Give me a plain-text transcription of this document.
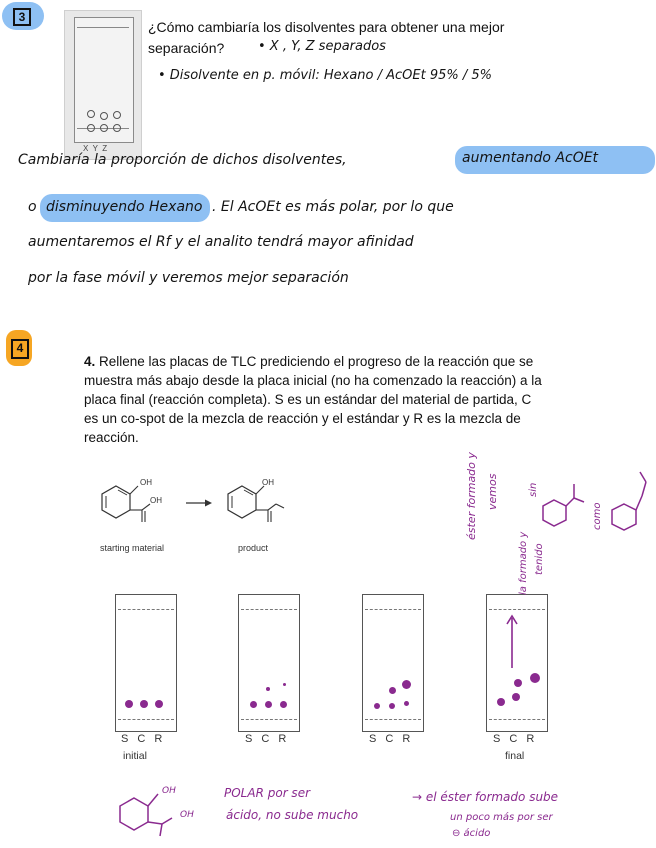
3
X  Y  Z
¿Cómo cambiaría los disolventes para obtener una mejor
separación?	• X , Y, Z separados
• Disolvente en p. móvil: Hexano / AcOEt 95% / 5%
Cambiaría la proporción de dichos disolventes,	aumentando AcOEt
o disminuyendo Hexano . El AcOEt es más polar, por lo que
aumentaremos el Rf y el analito tendrá mayor afinidad
por la fase móvil y veremos mejor separación
4
4. Rellene las placas de TLC prediciendo el progreso de la reacción que se
muestra más abajo desde la placa inicial (no ha comenzado la reacción) a la
placa final (reacción completa). S es un estándar del material de partida, C
es un co-spot de la mezcla de reacción y el estándar y R es la mezcla de
reacción.
OH
OH →
OH
starting material	product
S C R
initial
S C R	S C R	S C R
final
éster formado y vemos
la formado y tenido
sin
como
OH
OH
POLAR por ser
ácido, no sube mucho
→ el éster formado sube
un poco más por ser
⊖ ácido
